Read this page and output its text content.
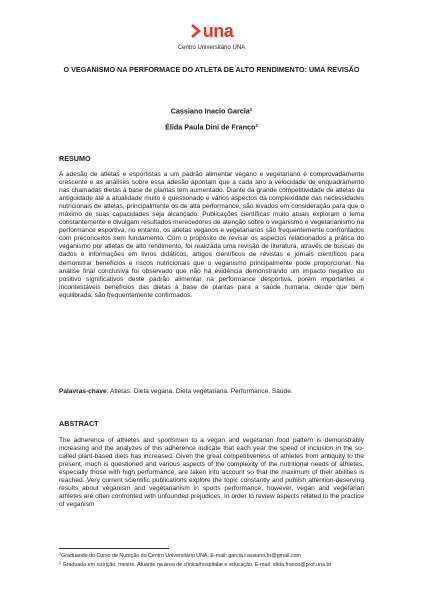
una
Centro Universitário UNA
O VEGANISMO NA PERFORMACE DO ATLETA DE ALTO RENDIMENTO: UMA REVISÃO
Cassiano Inacio Garcia$^1$
Élida Paula Dini de Franco$^2$
RESUMO
A adesão de atletas e esportistas a um padrão alimentar vegano e vegetariano é comprovadamente crescente e as análises sobre essa adesão apontam que a cada ano a velocidade de enquadramento nas chamadas dietas à base de plantas tem aumentado. Diante da grande competitividade de atletas da antiguidade até a atualidade muito é questionado e vários aspectos da complexidade das necessidades nutricionais de atletas, principalmente os de alta performance, são levados em consideração para que o máximo de suas capacidades seja alcançado. Publicações científicas muito atuais exploram o tema constantemente e divulgam resultados merecedores de atenção sobre o veganismo e vegetarianismo na performance esportiva, no entanto, os atletas veganos e vegetarianos são frequentemente confrontados com preconceitos sem fundamento. Com o propósito de revisar os aspectos relacionados a prática do veganismo por atletas de alto rendimento, foi realizada uma revisão de literatura, através de buscas de dados e informações em livros didáticos, artigos científicos de revistas e jornais científicos para demonstrar benefícios e riscos nutricionais que o veganismo principalmente pode proporcionar. Na análise final conclusiva foi observado que não há evidência demonstrando um impacto negativo ou positivo significativos deste padrão alimentar na performance desportiva, porém importantes e incontestáveis benefícios das dietas à base de plantas para a saúde humana, desde que bem equilibrada, são frequentemente confirmados.
Palavras-chave: Atletas. Dieta vegana. Dieta vegetariana. Performance. Saúde.
ABSTRACT
The adherence of athletes and sportsmen to a vegan and vegetarian food pattern is demonstrably increasing and the analyzes of this adherence indicate that each year the speed of inclusion in the so-called plant-based diets has increased. Given the great competitiveness of athletes from antiquity to the present, much is questioned and various aspects of the complexity of the nutritional needs of athletes, especially those with high performance, are taken into account so that the maximum of their abilities is reached. Very current scientific publications explore the topic constantly and publish attention-deserving results about veganism and vegetarianism in sports performance, however, vegan and vegetarian athletes are often confronted with unfounded prejudices. In order to review aspects related to the practice of veganism

$^1$Graduando do Curso de Nutrição do Centro Universitário UNA. E-mail: garcia.cassiano.br@gmail.com

$^2$ Graduada em nutrição, mestre. Atuante na área de clínica/hospitalar e educação. E-mail: elida.franco@prof.una.br
